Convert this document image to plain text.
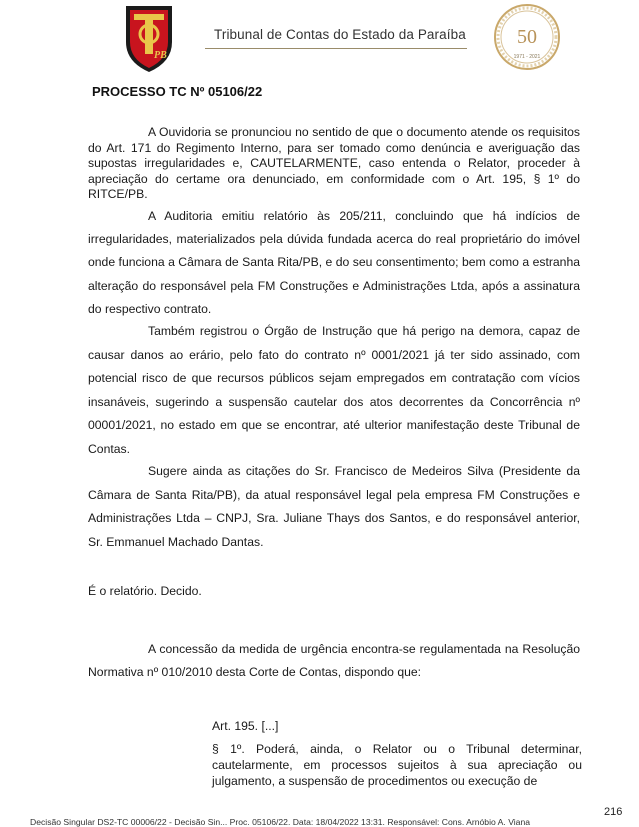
PB
Tribunal de Contas do Estado da Paraíba	50
1971 - 2021
PROCESSO TC Nº 05106/22

A Ouvidoria se pronunciou no sentido de que o documento atende os requisitos do Art. 171 do Regimento Interno, para ser tomado como denúncia e averiguação das supostas irregularidades e, CAUTELARMENTE, caso entenda o Relator, proceder à apreciação do certame ora denunciado, em conformidade com o Art. 195, § 1º do RITCE/PB.

A Auditoria emitiu relatório às 205/211, concluindo que há indícios de irregularidades, materializados pela dúvida fundada acerca do real proprietário do imóvel onde funciona a Câmara de Santa Rita/PB, e do seu consentimento; bem como a estranha alteração do responsável pela FM Construções e Administrações Ltda, após a assinatura do respectivo contrato.

Também registrou o Órgão de Instrução que há perigo na demora, capaz de causar danos ao erário, pelo fato do contrato nº 0001/2021 já ter sido assinado, com potencial risco de que recursos públicos sejam empregados em contratação com vícios insanáveis, sugerindo a suspensão cautelar dos atos decorrentes da Concorrência nº 00001/2021, no estado em que se encontrar, até ulterior manifestação deste Tribunal de Contas.

Sugere ainda as citações do Sr. Francisco de Medeiros Silva (Presidente da Câmara de Santa Rita/PB), da atual responsável legal pela empresa FM Construções e Administrações Ltda – CNPJ, Sra. Juliane Thays dos Santos, e do responsável anterior, Sr. Emmanuel Machado Dantas.

É o relatório. Decido.

A concessão da medida de urgência encontra-se regulamentada na Resolução Normativa nº 010/2010 desta Corte de Contas, dispondo que:

Art. 195. [...]

§ 1º. Poderá, ainda, o Relator ou o Tribunal determinar, cautelarmente, em processos sujeitos à sua apreciação ou julgamento, a suspensão de procedimentos ou execução de

216
Decisão Singular DS2-TC 00006/22 - Decisão Sin... Proc. 05106/22. Data: 18/04/2022 13:31. Responsável: Cons. Arnóbio A. Viana
